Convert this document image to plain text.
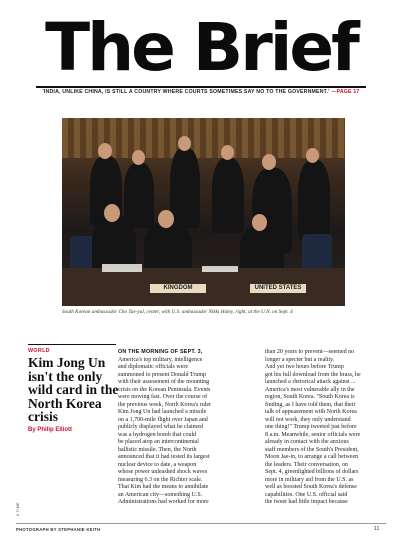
The Brief
'INDIA, UNLIKE CHINA, IS STILL A COUNTRY WHERE COURTS SOMETIMES SAY NO TO THE GOVERNMENT.' —PAGE 17
KINGDOM	UNITED STATES
South Korean ambassador Cho Tae-yul, center, with U.S. ambassador Nikki Haley, right, at the U.N. on Sept. 4
8 TIME
WORLD
Kim Jong Un isn't the only wild card in the North Korea crisis
By Philip Elliott
ON THE MORNING OF SEPT. 3,
America's top military, intelligence
and diplomatic officials were
summoned to present Donald Trump
with their assessment of the mounting
crisis on the Korean Peninsula. Events
were moving fast. Over the course of
the previous week, North Korea's ruler
Kim Jong Un had launched a missile
on a 1,700-mile flight over Japan and
publicly displayed what he claimed
was a hydrogen bomb that could
be placed atop an intercontinental
ballistic missile. Then, the North
announced that it had tested its largest
nuclear device to date, a weapon
whose power unleashed shock waves
measuring 6.3 on the Richter scale.
That Kim had the means to annihilate
an American city—something U.S.
Administrations had worked for more
than 20 years to prevent—seemed no
longer a specter but a reality.
And yet two hours before Trump
got his full download from the brass, he
launched a rhetorical attack against ...
America's most vulnerable ally in the
region, South Korea. "South Korea is
finding, as I have told them, that their
talk of appeasement with North Korea
will not work, they only understand
one thing!" Trump tweeted just before
8 a.m. Meanwhile, senior officials were
already in contact with the anxious
staff members of the South's President,
Moon Jae-in, to arrange a call between
the leaders. Their conversation, on
Sept. 4, greenlighted billions of dollars
more in military aid from the U.S. as
well as boosted South Korea's defense
capabilities. One U.S. official said
the tweet had little impact because
PHOTOGRAPH BY STEPHANIE KEITH	11
